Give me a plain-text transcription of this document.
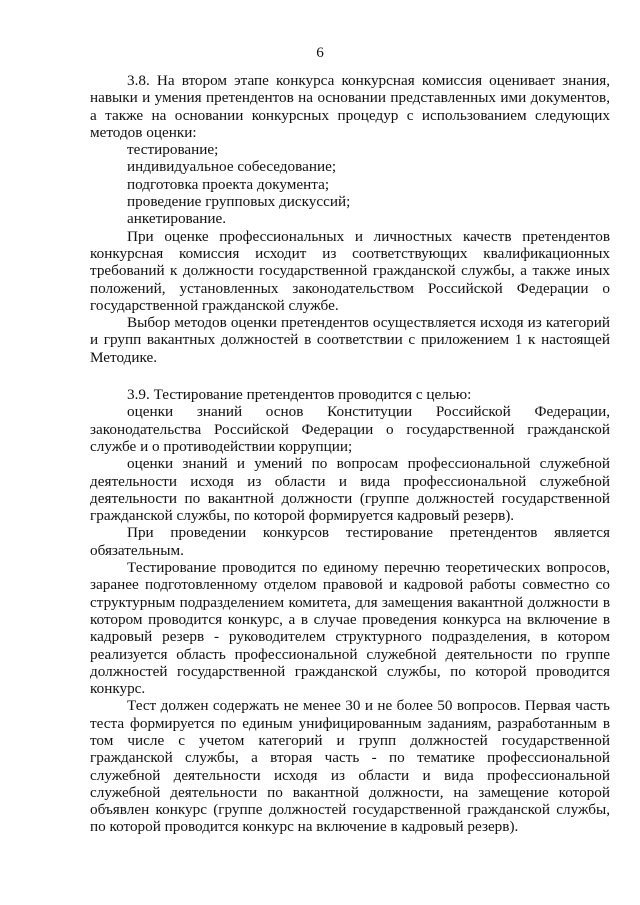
6

3.8. На втором этапе конкурса конкурсная комиссия оценивает знания, навыки и умения претендентов на основании представленных ими документов, а также на основании конкурсных процедур с использованием следующих методов оценки:

тестирование;

индивидуальное собеседование;

подготовка проекта документа;

проведение групповых дискуссий;

анкетирование.

При оценке профессиональных и личностных качеств претендентов конкурсная комиссия исходит из соответствующих квалификационных требований к должности государственной гражданской службы, а также иных положений, установленных законодательством Российской Федерации о государственной гражданской службе.

Выбор методов оценки претендентов осуществляется исходя из категорий и групп вакантных должностей в соответствии с приложением 1 к настоящей Методике.

3.9. Тестирование претендентов проводится с целью:

оценки знаний основ Конституции Российской Федерации, законодательства Российской Федерации о государственной гражданской службе и о противодействии коррупции;

оценки знаний и умений по вопросам профессиональной служебной деятельности исходя из области и вида профессиональной служебной деятельности по вакантной должности (группе должностей государственной гражданской службы, по которой формируется кадровый резерв).

При проведении конкурсов тестирование претендентов является обязательным.

Тестирование проводится по единому перечню теоретических вопросов, заранее подготовленному отделом правовой и кадровой работы совместно со структурным подразделением комитета, для замещения вакантной должности в котором проводится конкурс, а в случае проведения конкурса на включение в кадровый резерв - руководителем структурного подразделения, в котором реализуется область профессиональной служебной деятельности по группе должностей государственной гражданской службы, по которой проводится конкурс.

Тест должен содержать не менее 30 и не более 50 вопросов. Первая часть теста формируется по единым унифицированным заданиям, разработанным в том числе с учетом категорий и групп должностей государственной гражданской службы, а вторая часть - по тематике профессиональной служебной деятельности исходя из области и вида профессиональной служебной деятельности по вакантной должности, на замещение которой объявлен конкурс (группе должностей государственной гражданской службы, по которой проводится конкурс на включение в кадровый резерв).
